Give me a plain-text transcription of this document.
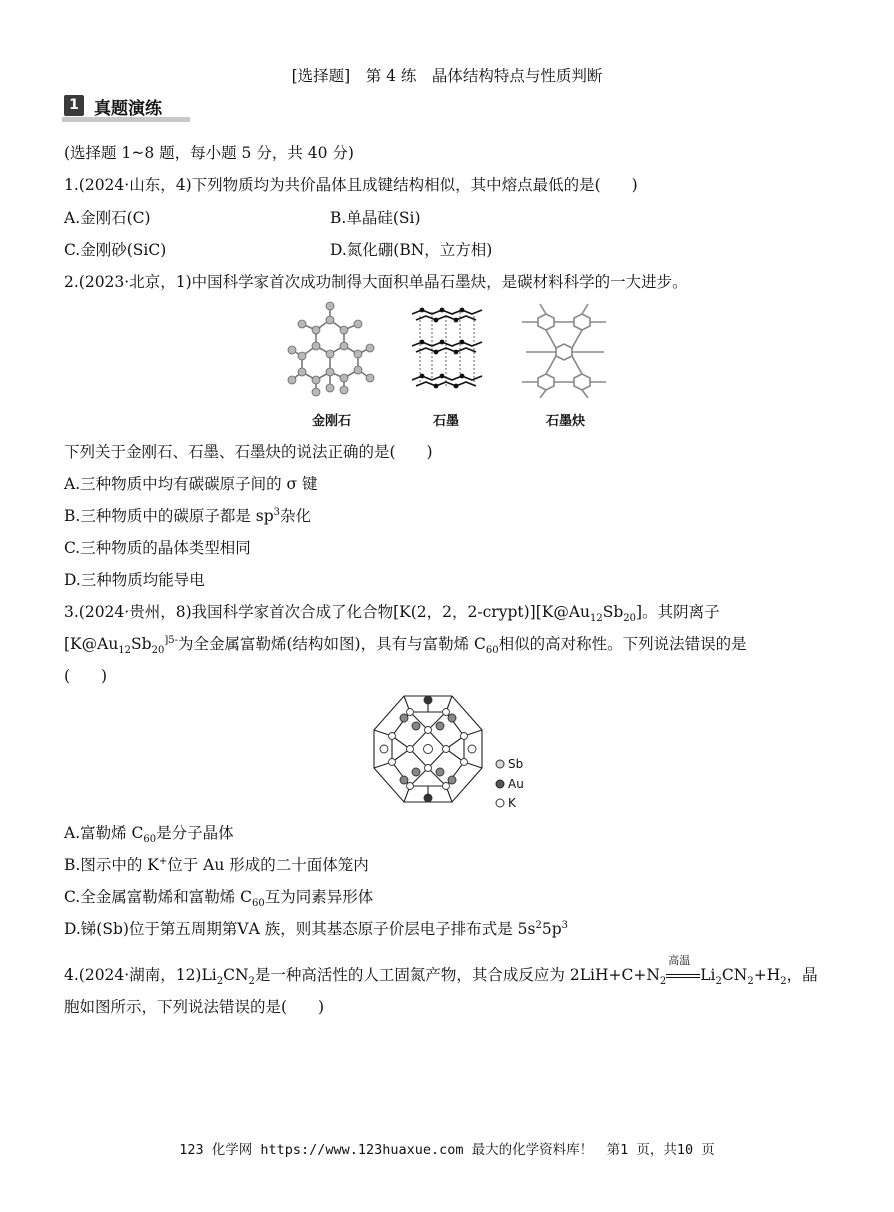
[选择题]　第 4 练　晶体结构特点与性质判断
1 真题演练
(选择题 1~8 题，每小题 5 分，共 40 分)
1.(2024·山东，4)下列物质均为共价晶体且成键结构相似，其中熔点最低的是(　　)
A.金刚石(C)	B.单晶硅(Si)
C.金刚砂(SiC)	D.氮化硼(BN，立方相)
2.(2023·北京，1)中国科学家首次成功制得大面积单晶石墨炔，是碳材料科学的一大进步。
金刚石	石墨	石墨炔
下列关于金刚石、石墨、石墨炔的说法正确的是(　　)
A.三种物质中均有碳碳原子间的 σ 键
B.三种物质中的碳原子都是 $sp^3$杂化
C.三种物质的晶体类型相同
D.三种物质均能导电
3.(2024·贵州，8)我国科学家首次合成了化合物[K(2，2，$2-crypt)][K@Au_{12}Sb_{20}]$。其阴离子
[$K@Au_{12}Sb_{20}^{]5-}$为全金属富勒烯(结构如图)，具有与富勒烯 $C_{60}$相似的高对称性。下列说法错误的是
(　　)
Sb
Au
K
A.富勒烯 $C_{60}$是分子晶体
B.图示中的 K+位于 Au 形成的二十面体笼内
C.全金属富勒烯和富勒烯 $C_{60}$互为同素异形体
D.锑(Sb)位于第五周期第ⅤA 族，则其基态原子价层电子排布式是 $5s^25p^3$
4.(2024·湖南，$12)Li_2CN_2$是一种高活性的人工固氮产物，其合成反应为 $2LiH+C+N_2$
高温
$Li_2CN_2+H_2$，晶
胞如图所示，下列说法错误的是(　　)
123 化学网 https://www.123huaxue.com 最大的化学资料库！　第1 页，共10 页
